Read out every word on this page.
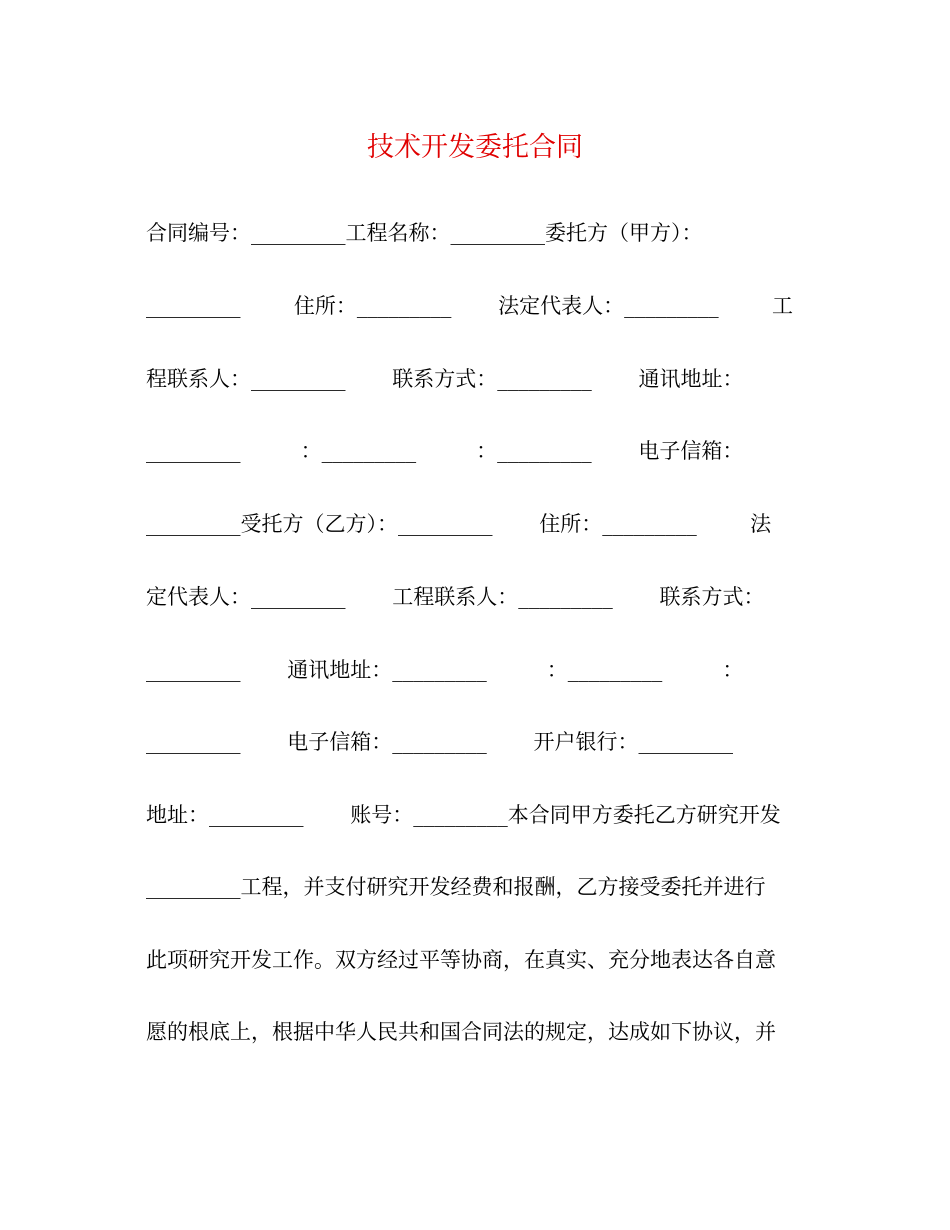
技术开发委托合同
合同编号：_________工程名称：_________委托方（甲方）：
_________        住所：_________       法定代表人：_________        工
程联系人：_________       联系方式：_________       通讯地址：
_________         ：_________         ：_________       电子信箱：
_________受托方（乙方）：_________       住所：_________        法
定代表人：_________       工程联系人：_________       联系方式：
_________       通讯地址：_________         ：_________         ：
_________       电子信箱：_________       开户银行：_________
地址：_________       账号：_________本合同甲方委托乙方研究开发
_________工程，并支付研究开发经费和报酬，乙方接受委托并进行
此项研究开发工作。双方经过平等协商，在真实、充分地表达各自意
愿的根底上，根据中华人民共和国合同法的规定，达成如下协议，并
